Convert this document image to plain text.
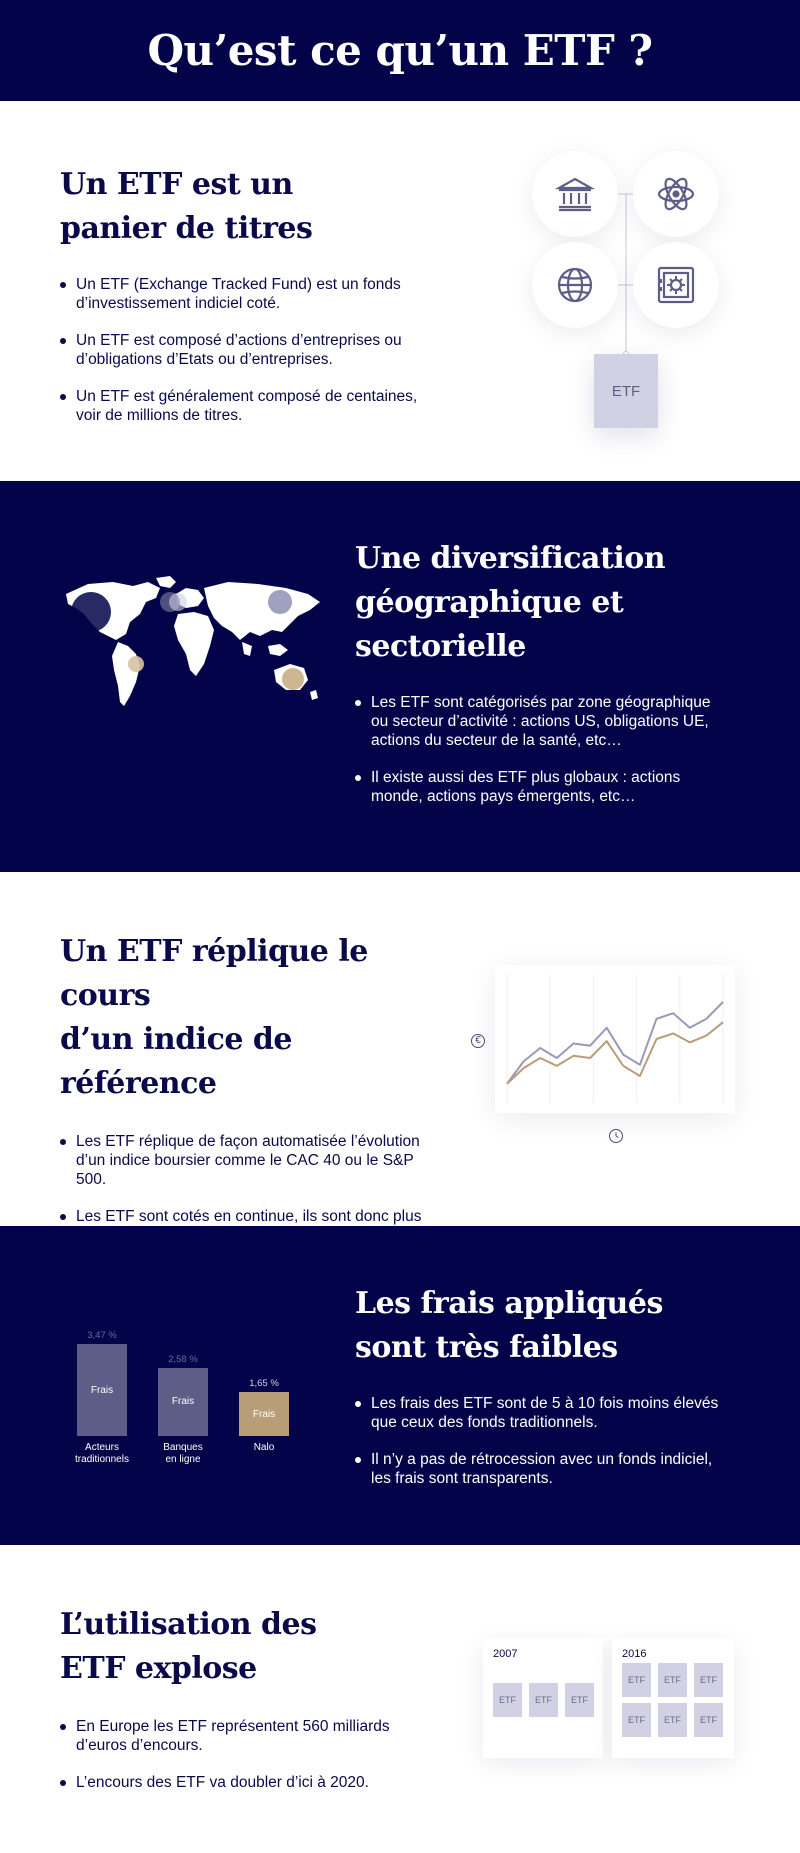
Qu’est ce qu’un ETF ?
Un ETF est un
panier de titres
Un ETF (Exchange Tracked Fund) est un fonds d’investissement indiciel coté.
Un ETF est composé d’actions d’entreprises ou d’obligations d’Etats ou d’entreprises.
Un ETF est généralement composé de centaines, voir de millions de titres.
ETF
Une diversification
géographique et
sectorielle
Les ETF sont catégorisés par zone géographique ou secteur d’activité : actions US, obligations UE, actions du secteur de la santé, etc…
Il existe aussi des ETF plus globaux : actions monde, actions pays émergents, etc…
Un ETF réplique le cours
d’un indice de référence
Les ETF réplique de façon automatisée l’évolution d’un indice boursier comme le CAC 40 ou le S&P 500.
Les ETF sont cotés en continue, ils sont donc plus
€
Frais
3,47 %
Acteurs
traditionnels
Frais
2,58 %
Banques
en ligne
Frais
1,65 %
Nalo
Les frais appliqués
sont très faibles
Les frais des ETF sont de 5 à 10 fois moins élevés que ceux des fonds traditionnels.
Il n’y a pas de rétrocession avec un fonds indiciel, les frais sont transparents.
L’utilisation des
ETF explose
En Europe les ETF représentent 560 milliards d’euros d’encours.
L’encours des ETF va doubler d’ici à 2020.
2007
ETF	ETF	ETF
2016
ETF	ETF	ETF
ETF	ETF	ETF
